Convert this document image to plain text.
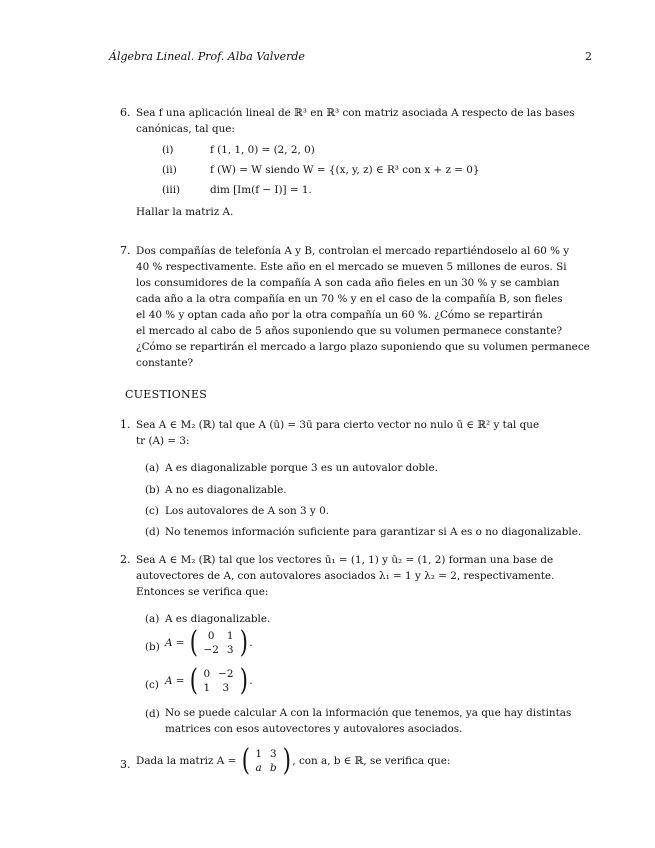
Álgebra Lineal. Prof. Alba Valverde	2
6. Sea f una aplicación lineal de ℝ³ en ℝ³ con matriz asociada A respecto de las bases
canónicas, tal que:
(i)	f (1, 1, 0) = (2, 2, 0)
(ii)	f (W) = W siendo W = {(x, y, z) ∈ R³ con x + z = 0}
(iii)	dim [Im(f − I)] = 1.
Hallar la matriz A.
7. Dos compañías de telefonía A y B, controlan el mercado repartiéndoselo al 60 % y
40 % respectivamente. Este año en el mercado se mueven 5 millones de euros. Si
los consumidores de la compañía A son cada año fieles en un 30 % y se cambian
cada año a la otra compañía en un 70 % y en el caso de la compañía B, son fieles
el 40 % y optan cada año por la otra compañía un 60 %. ¿Cómo se repartirán
el mercado al cabo de 5 años suponiendo que su volumen permanece constante?
¿Cómo se repartirán el mercado a largo plazo suponiendo que su volumen permanece
constante?
CUESTIONES
1. Sea A ∈ M₂ (ℝ) tal que A (ū) = 3ū para cierto vector no nulo ū ∈ ℝ² y tal que
tr (A) = 3:
(a) A es diagonalizable porque 3 es un autovalor doble.
(b) A no es diagonalizable.
(c) Los autovalores de A son 3 y 0.
(d) No tenemos información suficiente para garantizar si A es o no diagonalizable.
2. Sea A ∈ M₂ (ℝ) tal que los vectores ū₁ = (1, 1) y ū₂ = (1, 2) forman una base de
autovectores de A, con autovalores asociados λ₁ = 1 y λ₂ = 2, respectivamente.
Entonces se verifica que:
(a) A es diagonalizable.
(b) A = ( 0	1
−2	3 ) .
(c) A = ( 0	−2
1	3 ) .
(d) No se puede calcular A con la información que tenemos, ya que hay distintas
matrices con esos autovectores y autovalores asociados.
3. Dada la matriz A = ( 1	3
a	b ) , con a, b ∈ ℝ, se verifica que:
